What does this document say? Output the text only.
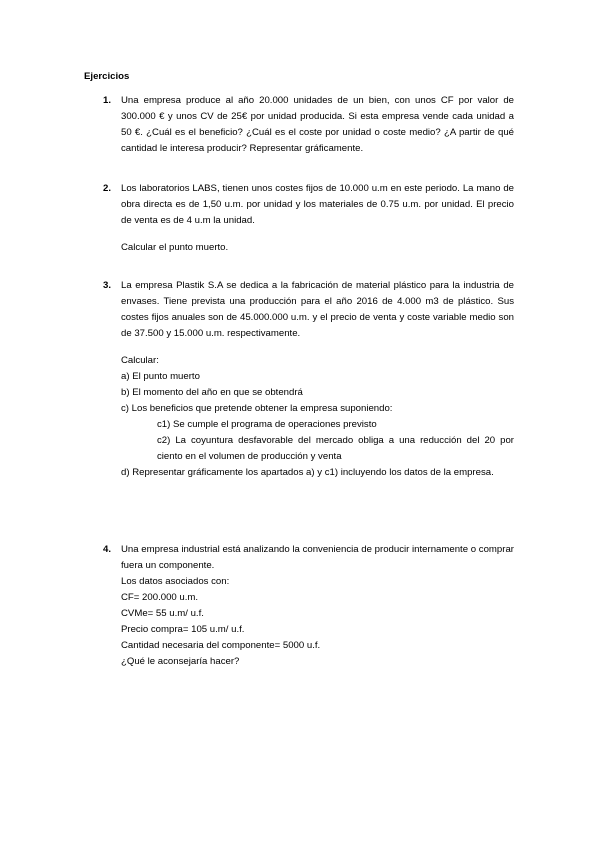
Ejercicios
1. Una empresa produce al año 20.000 unidades de un bien, con unos CF por valor de 300.000 € y unos CV de 25€ por unidad producida. Si esta empresa vende cada unidad a 50 €. ¿Cuál es el beneficio? ¿Cuál es el coste por unidad o coste medio? ¿A partir de qué cantidad le interesa producir? Representar gráficamente.

2. Los laboratorios LABS, tienen unos costes fijos de 10.000 u.m en este periodo. La mano de obra directa es de 1,50 u.m. por unidad y los materiales de 0.75 u.m. por unidad. El precio de venta es de 4 u.m la unidad.

Calcular el punto muerto.

3. La empresa Plastik S.A se dedica a la fabricación de material plástico para la industria de envases. Tiene prevista una producción para el año 2016 de 4.000 m3 de plástico. Sus costes fijos anuales son de 45.000.000 u.m. y el precio de venta y coste variable medio son de 37.500 y 15.000 u.m. respectivamente.

Calcular:

a) El punto muerto

b) El momento del año en que se obtendrá

c) Los beneficios que pretende obtener la empresa suponiendo:

c1) Se cumple el programa de operaciones previsto

c2) La coyuntura desfavorable del mercado obliga a una reducción del 20 por ciento en el volumen de producción y venta

d) Representar gráficamente los apartados a) y c1) incluyendo los datos de la empresa.

4. Una empresa industrial está analizando la conveniencia de producir internamente o comprar fuera un componente.

Los datos asociados con:

CF= 200.000 u.m.

CVMe= 55 u.m/ u.f.

Precio compra= 105 u.m/ u.f.

Cantidad necesaria del componente= 5000 u.f.

¿Qué le aconsejaría hacer?
